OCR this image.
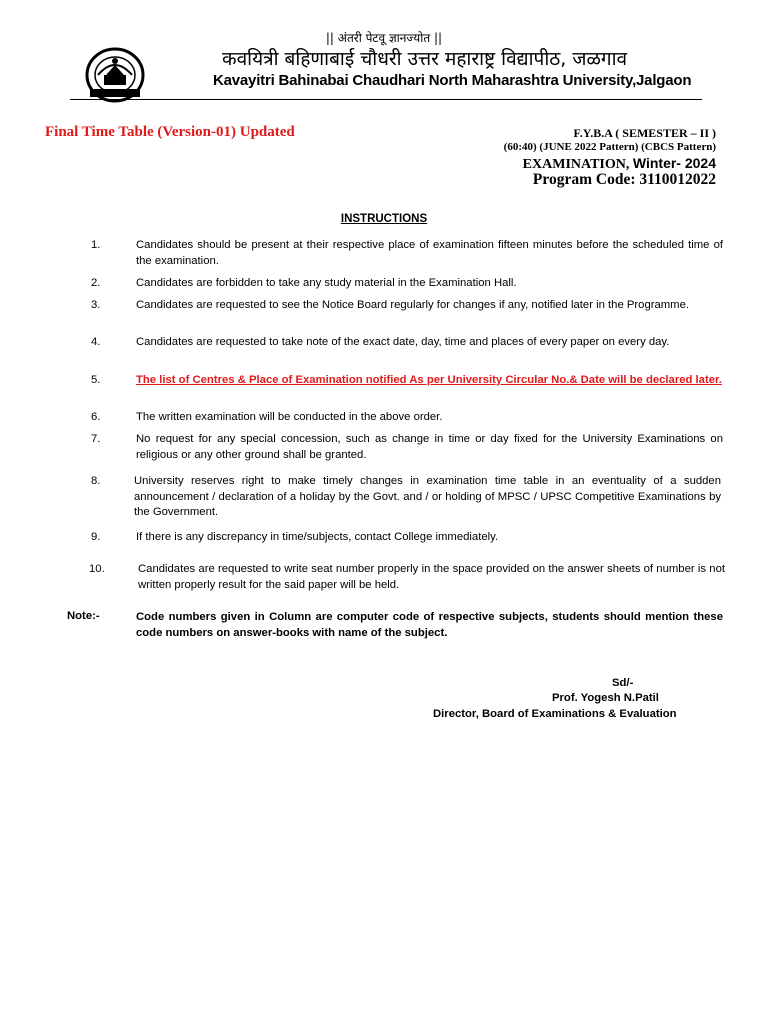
|| अंतरी पेटवू ज्ञानज्योत ||
कवयित्री बहिणाबाई चौधरी उत्तर महाराष्ट्र विद्यापीठ, जळगाव
Kavayitri Bahinabai Chaudhari North Maharashtra University,Jalgaon
Final Time Table (Version-01) Updated	F.Y.B.A ( SEMESTER – II )
(60:40) (JUNE 2022 Pattern) (CBCS Pattern)
EXAMINATION, Winter- 2024
Program Code: 3110012022
INSTRUCTIONS
1.	Candidates should be present at their respective place of examination fifteen minutes before the scheduled time of the examination.
2.	Candidates are forbidden to take any study material in the Examination Hall.
3.	Candidates are requested to see the Notice Board regularly for changes if any, notified later in the Programme.
4.	Candidates are requested to take note of the exact date, day, time and places of every paper on every day.
5.	The list of Centres & Place of Examination notified As per University Circular No.& Date will be declared later.
6.	The written examination will be conducted in the above order.
7.	No request for any special concession, such as change in time or day fixed for the University Examinations on religious or any other ground shall be granted.
8.	University reserves right to make timely changes in examination time table in an eventuality of a sudden announcement / declaration of a holiday by the Govt. and / or holding of MPSC / UPSC Competitive Examinations by the Government.
9.	If there is any discrepancy in time/subjects, contact College immediately.
10.	Candidates are requested to write seat number properly in the space provided on the answer sheets of number is not written properly result for the said paper will be held.
Note:-	Code numbers given in Column are computer code of respective subjects, students should mention these code numbers on answer-books with name of the subject.
Sd/-
Prof. Yogesh N.Patil
Director, Board of Examinations & Evaluation
